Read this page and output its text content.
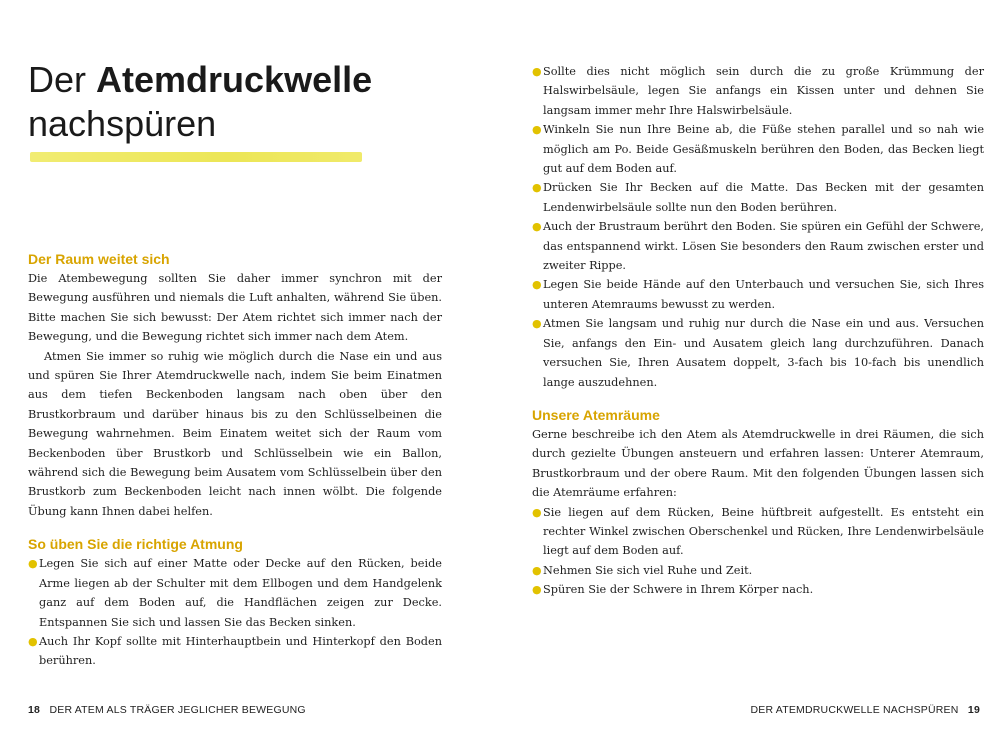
Der Atemdruckwelle
nachspüren
Der Raum weitet sich

Die Atembewegung sollten Sie daher immer synchron mit der Bewegung ausführen und niemals die Luft anhalten, während Sie üben. Bitte machen Sie sich bewusst: Der Atem richtet sich immer nach der Bewegung, und die Bewegung richtet sich immer nach dem Atem.

Atmen Sie immer so ruhig wie möglich durch die Nase ein und aus und spüren Sie Ihrer Atemdruckwelle nach, indem Sie beim Einatmen aus dem tiefen Beckenboden langsam nach oben über den Brustkorbraum und darüber hinaus bis zu den Schlüsselbeinen die Bewegung wahrnehmen. Beim Einatem weitet sich der Raum vom Beckenboden über Brustkorb und Schlüsselbein wie ein Ballon, während sich die Bewegung beim Ausatem vom Schlüsselbein über den Brustkorb zum Beckenboden leicht nach innen wölbt. Die folgende Übung kann Ihnen dabei helfen.

So üben Sie die richtige Atmung
● Legen Sie sich auf einer Matte oder Decke auf den Rücken, beide Arme liegen ab der Schulter mit dem Ellbogen und dem Handgelenk ganz auf dem Boden auf, die Handflächen zeigen zur Decke. Entspannen Sie sich und lassen Sie das Becken sinken.
● Auch Ihr Kopf sollte mit Hinterhauptbein und Hinterkopf den Boden berühren.
18 DER ATEM ALS TRÄGER JEGLICHER BEWEGUNG
● Sollte dies nicht möglich sein durch die zu große Krümmung der Halswirbelsäule, legen Sie anfangs ein Kissen unter und dehnen Sie langsam immer mehr Ihre Halswirbelsäule.
● Winkeln Sie nun Ihre Beine ab, die Füße stehen parallel und so nah wie möglich am Po. Beide Gesäßmuskeln berühren den Boden, das Becken liegt gut auf dem Boden auf.
● Drücken Sie Ihr Becken auf die Matte. Das Becken mit der gesamten Lendenwirbelsäule sollte nun den Boden berühren.
● Auch der Brustraum berührt den Boden. Sie spüren ein Gefühl der Schwere, das entspannend wirkt. Lösen Sie besonders den Raum zwischen erster und zweiter Rippe.
● Legen Sie beide Hände auf den Unterbauch und versuchen Sie, sich Ihres unteren Atemraums bewusst zu werden.
● Atmen Sie langsam und ruhig nur durch die Nase ein und aus. Versuchen Sie, anfangs den Ein- und Ausatem gleich lang durchzuführen. Danach versuchen Sie, Ihren Ausatem doppelt, 3-fach bis 10-fach bis unendlich lange auszudehnen.
Unsere Atemräume

Gerne beschreibe ich den Atem als Atemdruckwelle in drei Räumen, die sich durch gezielte Übungen ansteuern und erfahren lassen: Unterer Atemraum, Brustkorbraum und der obere Raum. Mit den folgenden Übungen lassen sich die Atemräume erfahren:

● Sie liegen auf dem Rücken, Beine hüftbreit aufgestellt. Es entsteht ein rechter Winkel zwischen Oberschenkel und Rücken, Ihre Lendenwirbelsäule liegt auf dem Boden auf.
● Nehmen Sie sich viel Ruhe und Zeit.
● Spüren Sie der Schwere in Ihrem Körper nach.
DER ATEMDRUCKWELLE NACHSPÜREN 19
